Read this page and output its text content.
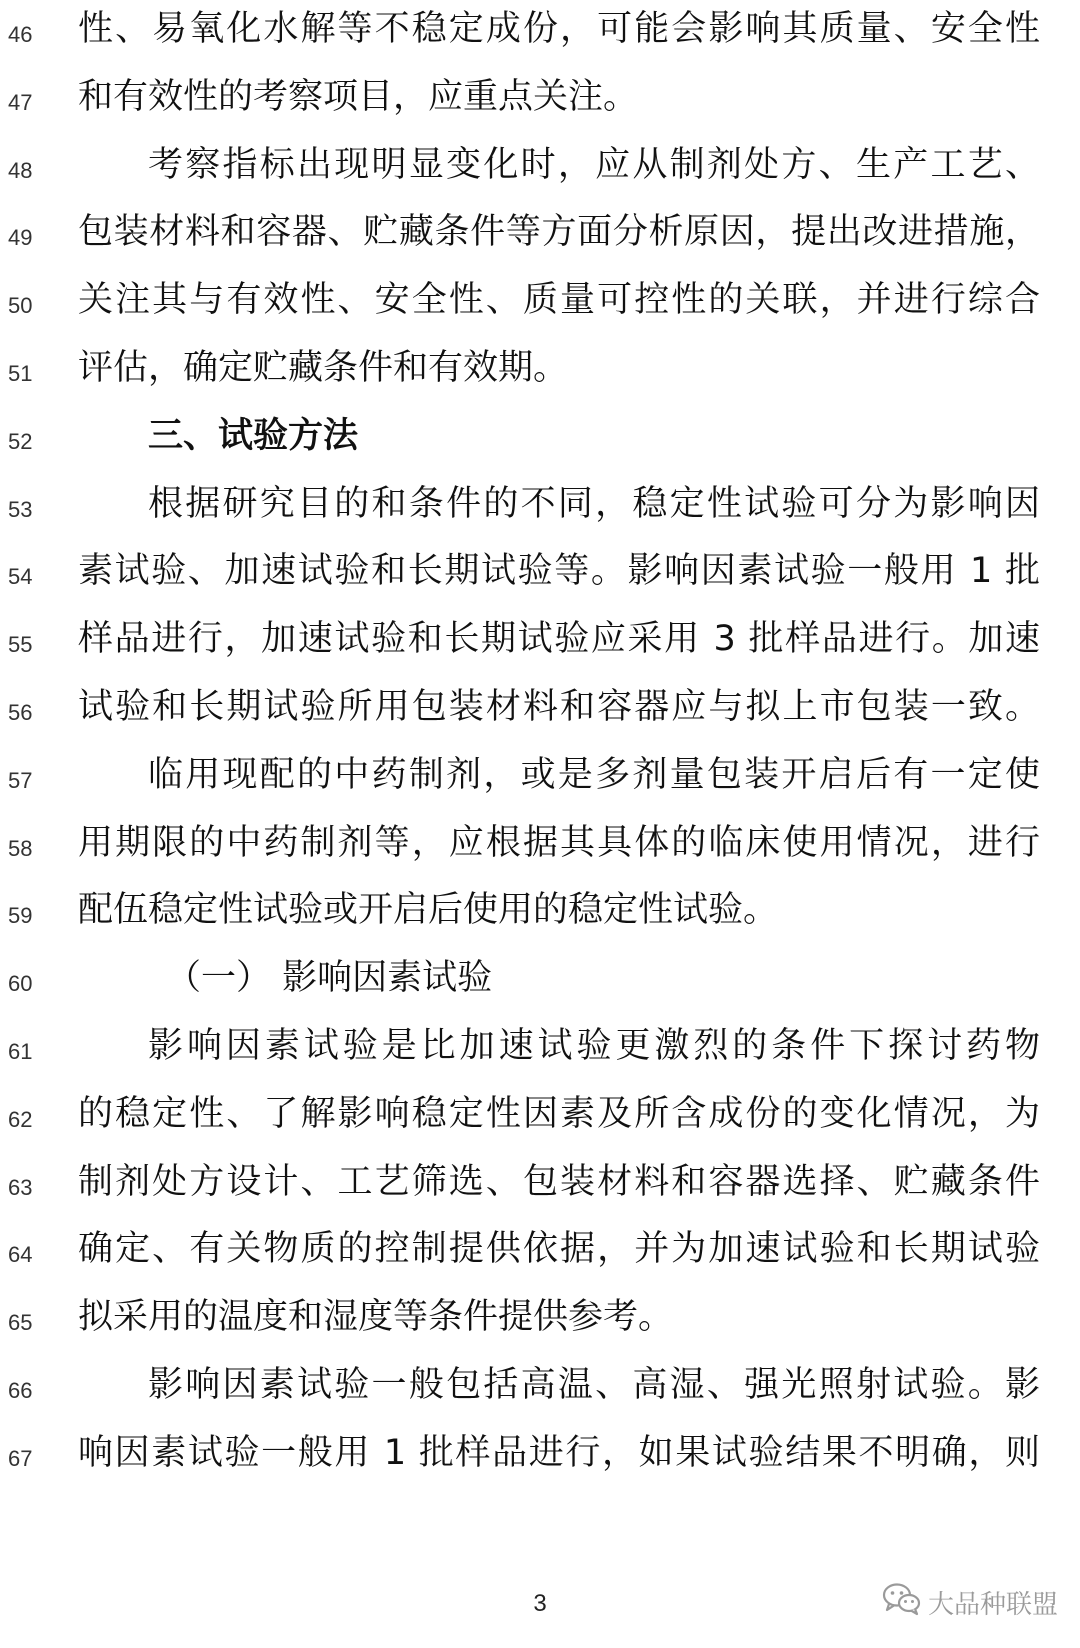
46	性、易氧化水解等不稳定成份，可能会影响其质量、安全性
47	和有效性的考察项目，应重点关注。
48	考察指标出现明显变化时，应从制剂处方、生产工艺、
49	包装材料和容器、贮藏条件等方面分析原因，提出改进措施，
50	关注其与有效性、安全性、质量可控性的关联，并进行综合
51	评估，确定贮藏条件和有效期。
52	三、试验方法
53	根据研究目的和条件的不同，稳定性试验可分为影响因
54	素试验、加速试验和长期试验等。影响因素试验一般用 1 批
55	样品进行，加速试验和长期试验应采用 3 批样品进行。加速
56	试验和长期试验所用包装材料和容器应与拟上市包装一致。
57	临用现配的中药制剂，或是多剂量包装开启后有一定使
58	用期限的中药制剂等，应根据其具体的临床使用情况，进行
59	配伍稳定性试验或开启后使用的稳定性试验。
60	（一） 影响因素试验
61	影响因素试验是比加速试验更激烈的条件下探讨药物
62	的稳定性、了解影响稳定性因素及所含成份的变化情况，为
63	制剂处方设计、工艺筛选、包装材料和容器选择、贮藏条件
64	确定、有关物质的控制提供依据，并为加速试验和长期试验
65	拟采用的温度和湿度等条件提供参考。
66	影响因素试验一般包括高温、高湿、强光照射试验。影
67	响因素试验一般用 1 批样品进行，如果试验结果不明确，则
3	大品种联盟
